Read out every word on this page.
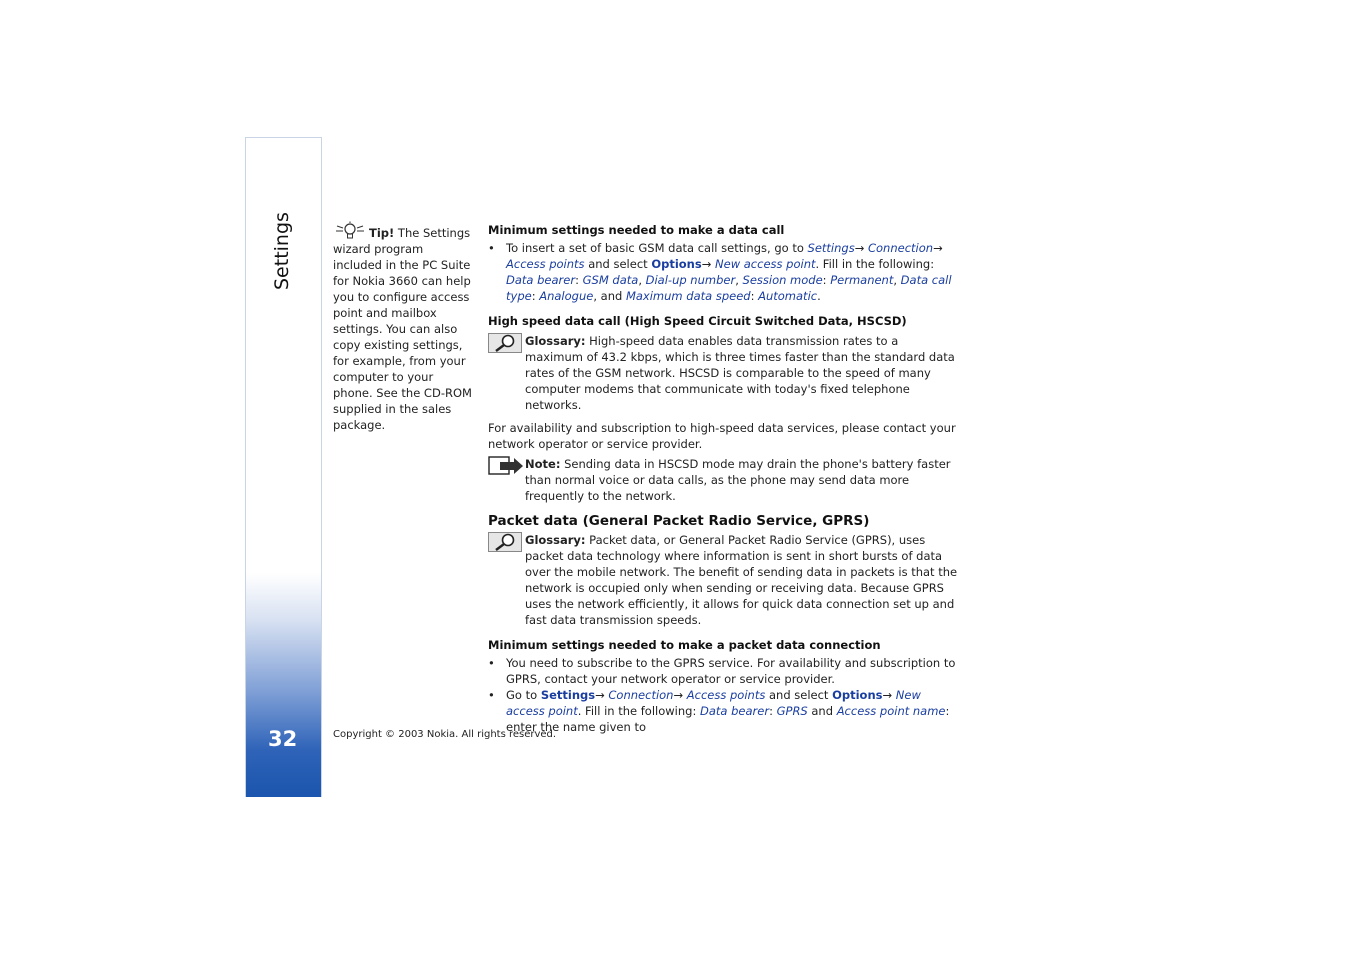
Settings
32
Tip! The Settings wizard program included in the PC Suite for Nokia 3660 can help you to configure access point and mailbox settings. You can also copy existing settings, for example, from your computer to your phone. See the CD-ROM supplied in the sales package.

Minimum settings needed to make a data call

• To insert a set of basic GSM data call settings, go to Settings→ Connection→ Access points and select Options→ New access point. Fill in the following: Data bearer: GSM data, Dial-up number, Session mode: Permanent, Data call type: Analogue, and Maximum data speed: Automatic.

High speed data call (High Speed Circuit Switched Data, HSCSD)

Glossary: High-speed data enables data transmission rates to a maximum of 43.2 kbps, which is three times faster than the standard data rates of the GSM network. HSCSD is comparable to the speed of many computer modems that communicate with today's fixed telephone networks.

For availability and subscription to high-speed data services, please contact your network operator or service provider.

Note: Sending data in HSCSD mode may drain the phone's battery faster than normal voice or data calls, as the phone may send data more frequently to the network.

Packet data (General Packet Radio Service, GPRS)

Glossary: Packet data, or General Packet Radio Service (GPRS), uses packet data technology where information is sent in short bursts of data over the mobile network. The benefit of sending data in packets is that the network is occupied only when sending or receiving data. Because GPRS uses the network efficiently, it allows for quick data connection set up and fast data transmission speeds.

Minimum settings needed to make a packet data connection

• You need to subscribe to the GPRS service. For availability and subscription to GPRS, contact your network operator or service provider.
• Go to Settings→ Connection→ Access points and select Options→ New access point. Fill in the following: Data bearer: GPRS and Access point name: enter the name given to
Copyright © 2003 Nokia. All rights reserved.
